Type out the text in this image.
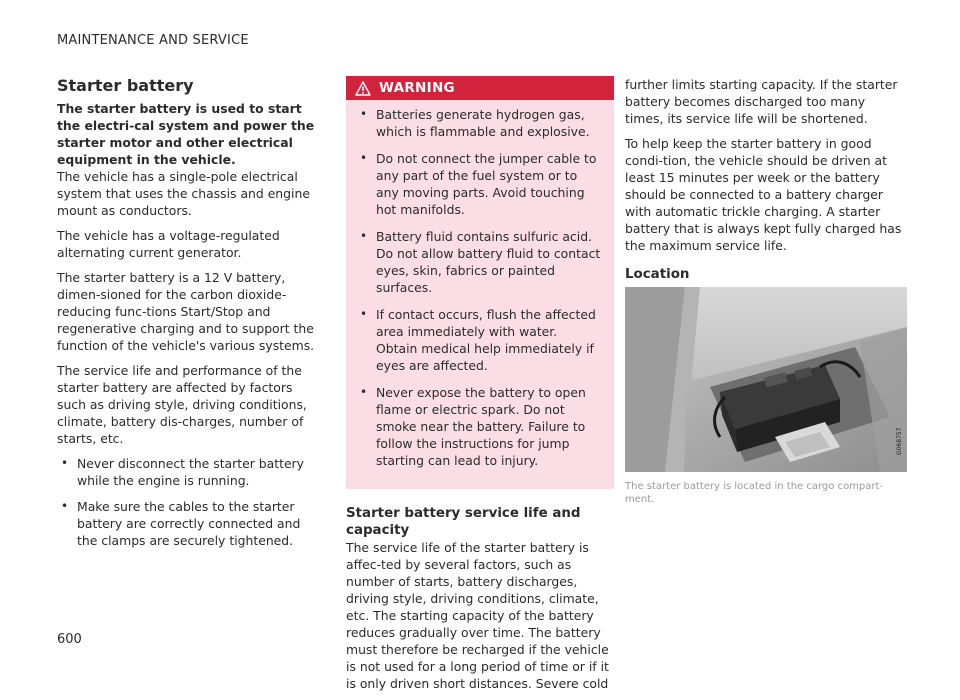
MAINTENANCE AND SERVICE
Starter battery

The starter battery is used to start the electri-cal system and power the starter motor and other electrical equipment in the vehicle.

The vehicle has a single-pole electrical system that uses the chassis and engine mount as conductors.

The vehicle has a voltage-regulated alternating current generator.

The starter battery is a 12 V battery, dimen-sioned for the carbon dioxide-reducing func-tions Start/Stop and regenerative charging and to support the function of the vehicle's various systems.

The service life and performance of the starter battery are affected by factors such as driving style, driving conditions, climate, battery dis-charges, number of starts, etc.

• Never disconnect the starter battery while the engine is running.
• Make sure the cables to the starter battery are correctly connected and the clamps are securely tightened.
WARNING
• Batteries generate hydrogen gas, which is flammable and explosive.
• Do not connect the jumper cable to any part of the fuel system or to any moving parts. Avoid touching hot manifolds.
• Battery fluid contains sulfuric acid. Do not allow battery fluid to contact eyes, skin, fabrics or painted surfaces.
• If contact occurs, flush the affected area immediately with water. Obtain medical help immediately if eyes are affected.
• Never expose the battery to open flame or electric spark. Do not smoke near the battery. Failure to follow the instructions for jump starting can lead to injury.
Starter battery service life and capacity

The service life of the starter battery is affec-ted by several factors, such as number of starts, battery discharges, driving style, driving conditions, climate, etc. The starting capacity of the battery reduces gradually over time. The battery must therefore be recharged if the vehicle is not used for a long period of time or if it is only driven short distances. Severe cold

further limits starting capacity. If the starter battery becomes discharged too many times, its service life will be shortened.

To help keep the starter battery in good condi-tion, the vehicle should be driven at least 15 minutes per week or the battery should be connected to a battery charger with automatic trickle charging. A starter battery that is always kept fully charged has the maximum service life.

Location
G068757
The starter battery is located in the cargo compart-ment.
600
